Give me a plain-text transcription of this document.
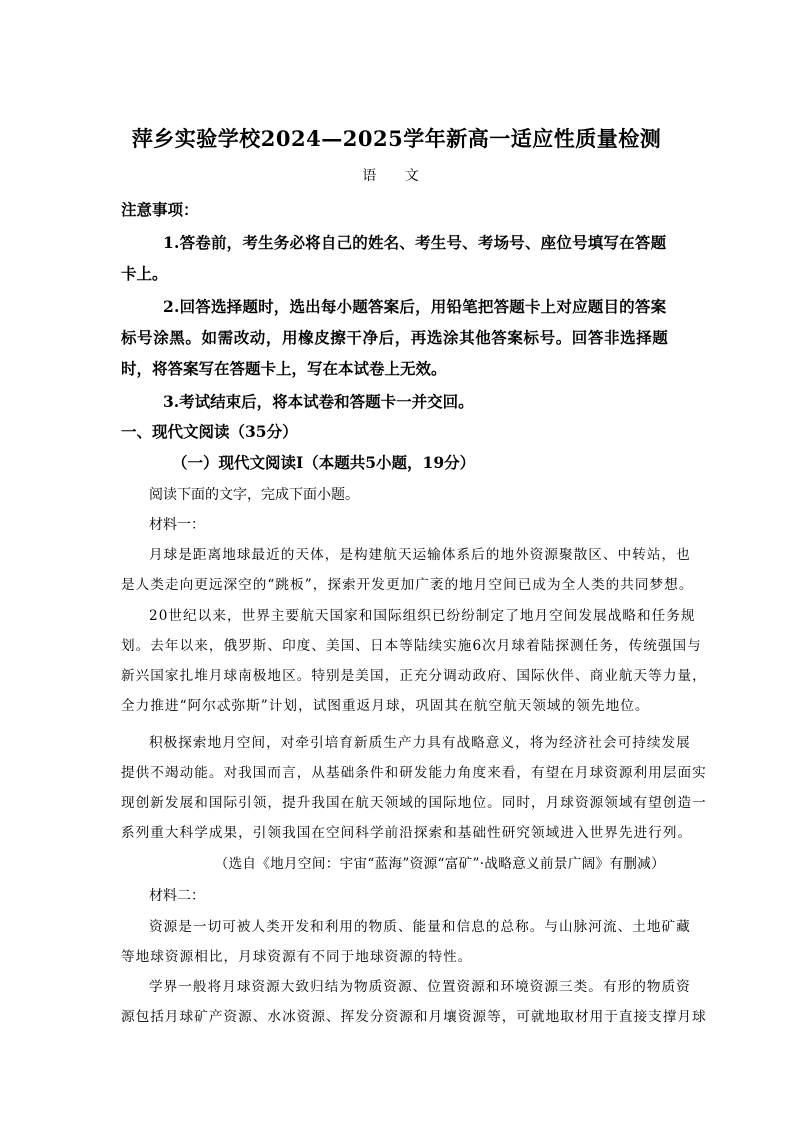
萍乡实验学校2024—2025学年新高一适应性质量检测
语 文
注意事项：
1.答卷前，考生务必将自己的姓名、考生号、考场号、座位号填写在答题
卡上。
2.回答选择题时，选出每小题答案后，用铅笔把答题卡上对应题目的答案
标号涂黑。如需改动，用橡皮擦干净后，再选涂其他答案标号。回答非选择题
时，将答案写在答题卡上，写在本试卷上无效。
3.考试结束后，将本试卷和答题卡一并交回。
一、现代文阅读（35分）
（一）现代文阅读Ⅰ（本题共5小题，19分）
阅读下面的文字，完成下面小题。
材料一：
月球是距离地球最近的天体，是构建航天运输体系后的地外资源聚散区、中转站，也
是人类走向更远深空的“跳板”，探索开发更加广袤的地月空间已成为全人类的共同梦想。
20世纪以来，世界主要航天国家和国际组织已纷纷制定了地月空间发展战略和任务规
划。去年以来，俄罗斯、印度、美国、日本等陆续实施6次月球着陆探测任务，传统强国与
新兴国家扎堆月球南极地区。特别是美国，正充分调动政府、国际伙伴、商业航天等力量，
全力推进“阿尔忒弥斯”计划，试图重返月球，巩固其在航空航天领域的领先地位。
积极探索地月空间，对牵引培育新质生产力具有战略意义，将为经济社会可持续发展
提供不竭动能。对我国而言，从基础条件和研发能力角度来看，有望在月球资源利用层面实
现创新发展和国际引领，提升我国在航天领域的国际地位。同时，月球资源领域有望创造一
系列重大科学成果，引领我国在空间科学前沿探索和基础性研究领域进入世界先进行列。
（选自《地月空间：宇宙“蓝海”资源“富矿”·战略意义前景广阔》有删减）
材料二：
资源是一切可被人类开发和利用的物质、能量和信息的总称。与山脉河流、土地矿藏
等地球资源相比，月球资源有不同于地球资源的特性。
学界一般将月球资源大致归结为物质资源、位置资源和环境资源三类。有形的物质资
源包括月球矿产资源、水冰资源、挥发分资源和月壤资源等，可就地取材用于直接支撑月球
